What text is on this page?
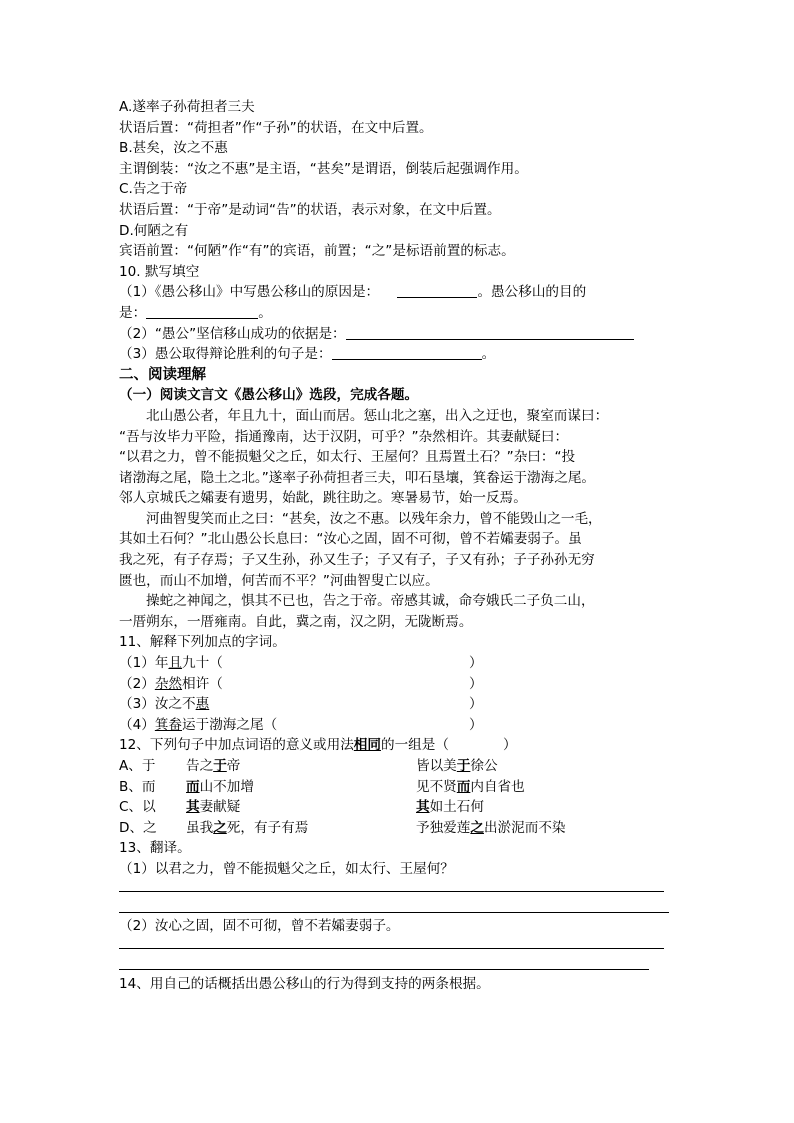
A.遂率子孙荷担者三夫
状语后置：“荷担者”作“子孙”的状语，在文中后置。
B.甚矣，汝之不惠
主谓倒装：“汝之不惠”是主语，“甚矣”是谓语，倒装后起强调作用。
C.告之于帝
状语后置：“于帝”是动词“告”的状语，表示对象，在文中后置。
D.何陋之有
宾语前置：“何陋”作“有”的宾语，前置；“之”是标语前置的标志。
10. 默写填空
（1）《愚公移山》中写愚公移山的原因是：	。愚公移山的目的
是：	。
（2）“愚公”坚信移山成功的依据是：
（3）愚公取得辩论胜利的句子是：	。
二、阅读理解
（一）阅读文言文《愚公移山》选段，完成各题。
北山愚公者，年且九十，面山而居。惩山北之塞，出入之迂也，聚室而谋曰：
“吾与汝毕力平险，指通豫南，达于汉阴，可乎？”杂然相许。其妻献疑曰：
“以君之力，曾不能损魁父之丘，如太行、王屋何？且焉置土石？”杂曰：“投
诸渤海之尾，隐土之北。”遂率子孙荷担者三夫，叩石垦壤，箕畚运于渤海之尾。
邻人京城氏之孀妻有遗男，始龀，跳往助之。寒暑易节，始一反焉。
河曲智叟笑而止之曰：“甚矣，汝之不惠。以残年余力，曾不能毁山之一毛，
其如土石何？”北山愚公长息曰：“汝心之固，固不可彻，曾不若孀妻弱子。虽
我之死，有子存焉；子又生孙，孙又生子；子又有子，子又有孙；子子孙孙无穷
匮也，而山不加增，何苦而不平？”河曲智叟亡以应。
操蛇之神闻之，惧其不已也，告之于帝。帝感其诚，命夸娥氏二子负二山，
一厝朔东，一厝雍南。自此，冀之南，汉之阴，无陇断焉。
11、解释下列加点的字词。
（1）年且九十（	）
（2）杂然相许（	）
（3）汝之不惠	）
（4）箕畚运于渤海之尾（	）
12、下列句子中加点词语的意义或用法相同的一组是（	）
A、于	告之于帝	皆以美于徐公
B、而	而山不加增	见不贤而内自省也
C、以	其妻献疑	其如土石何
D、之	虽我之死，有子有焉	予独爱莲之出淤泥而不染
13、翻译。
（1）以君之力，曾不能损魁父之丘，如太行、王屋何？
（2）汝心之固，固不可彻，曾不若孀妻弱子。
14、用自己的话概括出愚公移山的行为得到支持的两条根据。
